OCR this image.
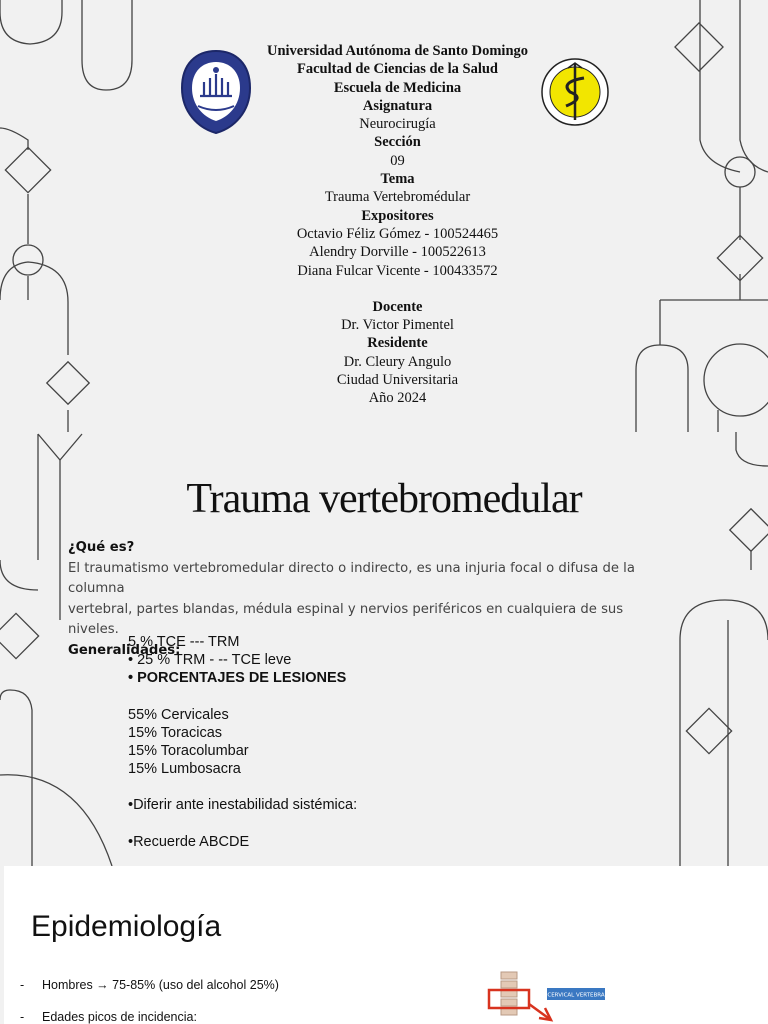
Universidad Autónoma de Santo Domingo
Facultad de Ciencias de la Salud
Escuela de Medicina
Asignatura
Neurocirugía
Sección
09
Tema
Trauma Vertebromédular
Expositores
Octavio Féliz Gómez - 100524465
Alendry Dorville - 100522613
Diana Fulcar Vicente - 100433572
Docente
Dr. Victor Pimentel
Residente
Dr. Cleury Angulo
Ciudad Universitaria
Año 2024
Trauma vertebromedular
¿Qué es?
El traumatismo vertebromedular directo o indirecto, es una injuria focal o difusa de la columna
vertebral, partes blandas, médula espinal y nervios periféricos en cualquiera de sus niveles.
Generalidades:
5 % TCE --- TRM
• 25 % TRM - -- TCE leve
• PORCENTAJES DE LESIONES
55% Cervicales
15% Toracicas
15% Toracolumbar
15% Lumbosacra
•Diferir ante inestabilidad sistémica:
•Recuerde ABCDE
Epidemiología
- Hombres → 75-85% (uso del alcohol 25%)
- Edades picos de incidencia:
CERVICAL VERTEBRA
